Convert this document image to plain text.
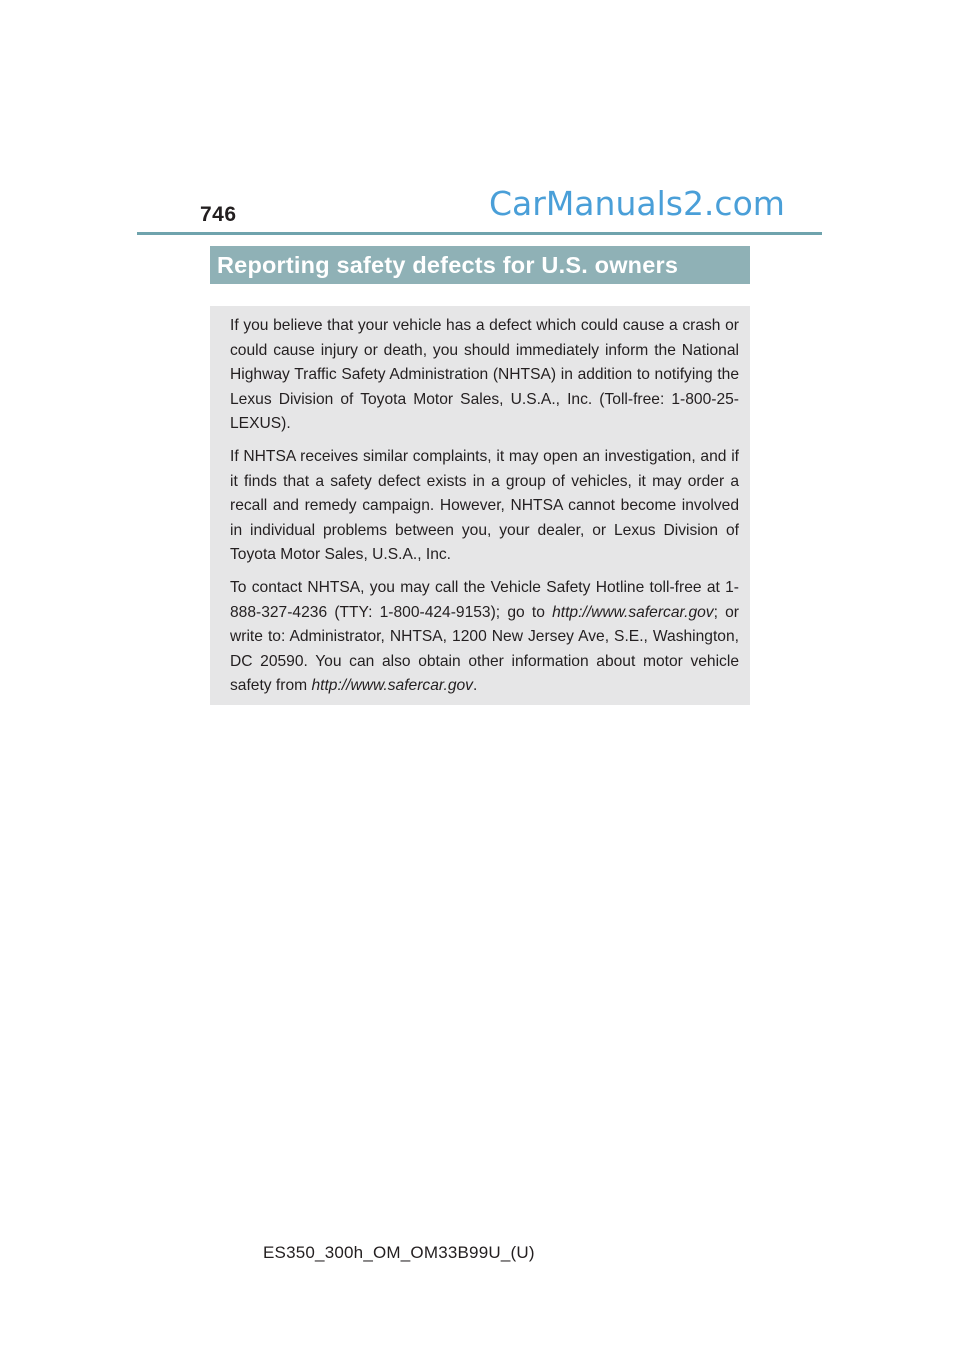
746	CarManuals2.com
Reporting safety defects for U.S. owners

If you believe that your vehicle has a defect which could cause a crash or could cause injury or death, you should immediately inform the National Highway Traffic Safety Administration (NHTSA) in addition to notifying the Lexus Division of Toyota Motor Sales, U.S.A., Inc. (Toll-free: 1-800-25-LEXUS).

If NHTSA receives similar complaints, it may open an investigation, and if it finds that a safety defect exists in a group of vehicles, it may order a recall and remedy campaign. However, NHTSA cannot become involved in individual problems between you, your dealer, or Lexus Division of Toyota Motor Sales, U.S.A., Inc.

To contact NHTSA, you may call the Vehicle Safety Hotline toll-free at 1-888-327-4236 (TTY: 1-800-424-9153); go to http://www.safercar.gov; or write to: Administrator, NHTSA, 1200 New Jersey Ave, S.E., Washington, DC 20590. You can also obtain other information about motor vehicle safety from http://www.safercar.gov.

ES350_300h_OM_OM33B99U_(U)
